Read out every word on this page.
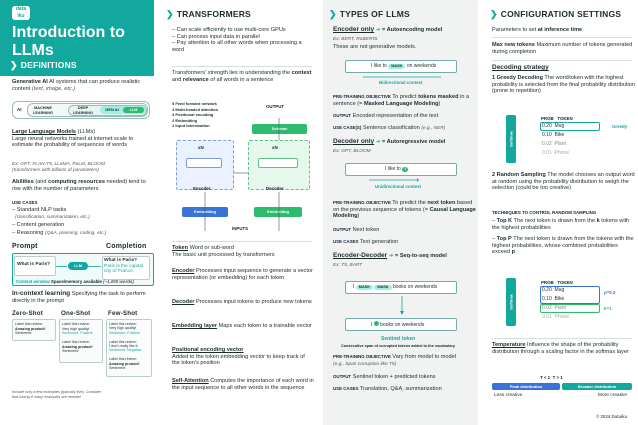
data
iku
Introduction to LLMs
❯ DEFINITIONS
Generative AI AI systems that can produce realistic content (text, image, etc.)
AI	MACHINE LEARNING
DEEP LEARNING
GEN AI	LLM
Large Language Models (LLMs)
Large neural networks trained at internet scale to estimate the probability of sequences of words
Ex: GPT, FLAN-T5, LLaMA, PaLM, BLOOM
(transformers with billions of parameters)
Abilities (and computing resources needed) tend to rise with the number of parameters
USE CASES
– Standard NLP tasks
(classification, summarization, etc.)
– Content generation
– Reasoning (Q&A, planning, coding, etc.)
Prompt	Completion
What is Paris?	LLM
What is Paris?
Paris is the capital city of France.
Context window Space/memory available (~1,000 words)
In-context learning Specifying the task to perform directly in the prompt
Zero-Shot	One-Shot	Few-Shot
Label this review:
Amazing product!
Sentiment:
Label this review:
Very high quality!
Sentiment: Positive

Label this review:
Amazing product!
Sentiment:
Label this review:
Very high quality!
Sentiment: Positive

Label this review:
I don't really like it
Sentiment: Negative

Label this review:
Amazing product!
Sentiment:
Include only a few examples (typically five). Consider fine-tuning if many examples are needed
❯ TRANSFORMERS
– Can scale efficiently to use multi-core GPUs
– Can process input data in parallel
– Pay attention to all other words when processing a word
Transformers' strength lies in understanding the context and relevance of all words in a sentence
5 Feed forward network
4 Multi-headed attention
3 Positional encoding
2 Embedding
1 Input tokenization
OUTPUT
Softmax
xN	xN
Encoder	Decoder
Embedding	Embedding
INPUTS
Token Word or sub-word
The basic unit processed by transformers
Encoder Processes input sequence to generate a vector representation (or embedding) for each token
Decoder Processes input tokens to produce new tokens
Embedding layer Maps each token to a trainable vector
Positional encoding vector
Added to the token embedding vector to keep track of the token's position
Self-Attention Computes the importance of each word in the input sequence to all other words in the sequence
❯ TYPES OF LLMS
Encoder only ➜ = Autoencoding model
Ex: BERT, RoBERTa
These are not generative models.
I like to MASK on weekends
Bidirectional context
PRE-TRAINING OBJECTIVE To predict tokens masked in a sentence (= Masked Language Modeling)
OUTPUT Encoded representation of the text
USE CASE(S) Sentence classification (e.g., NER)
Decoder only ➜ = Autoregressive model
Ex: GPT, BLOOM
I like to ?
Unidirectional context
PRE-TRAINING OBJECTIVE To predict the next token based on the previous sequence of tokens (= Causal Language Modeling)
OUTPUT Next token
USE CASES Text generation
Encoder-Decoder ➜ = Seq-to-seq model
Ex: T5, BART
I MASK MASK books on weekends
I books on weekends
Sentinel token
Consecutive span of corrupted tokens added to the vocabulary
PRE-TRAINING OBJECTIVE Vary from model to model
(e.g., Span corruption like T5)
OUTPUT Sentinel token + predicted tokens
USE CASES Translation, Q&A, summarization
❯ CONFIGURATION SETTINGS
Parameters to set at inference time
Max new tokens Maximum number of tokens generated during completion
Decoding strategy
1 Greedy Decoding The word/token with the highest probability is selected from the final probability distribution (prone to repetition)
Softmax
PROB TOKEN
0.20 Mug
0.10 Bike
0.02 Plant
0.01 Phone
Greedy
2 Random Sampling The model chooses an output word at random using the probability distribution to weigh the selection (could be too creative)
TECHNIQUES TO CONTROL RANDOM SAMPLING
– Top K The next token is drawn from the k tokens with the highest probabilities
– Top P The next token is drawn from the tokens with the highest probabilities, whose combined probabilities exceed p
Softmax
PROB TOKEN
0.20 Mug
0.10 Bike
0.02 Plant
0.01 Phone
p=0.3
k=1
Temperature Influence the shape of the probability distribution through a scaling factor in the softmax layer
T < 1 T > 1
Peak distribution	Broader distribution
Less creative	More creative
© 2024 Dataiku
